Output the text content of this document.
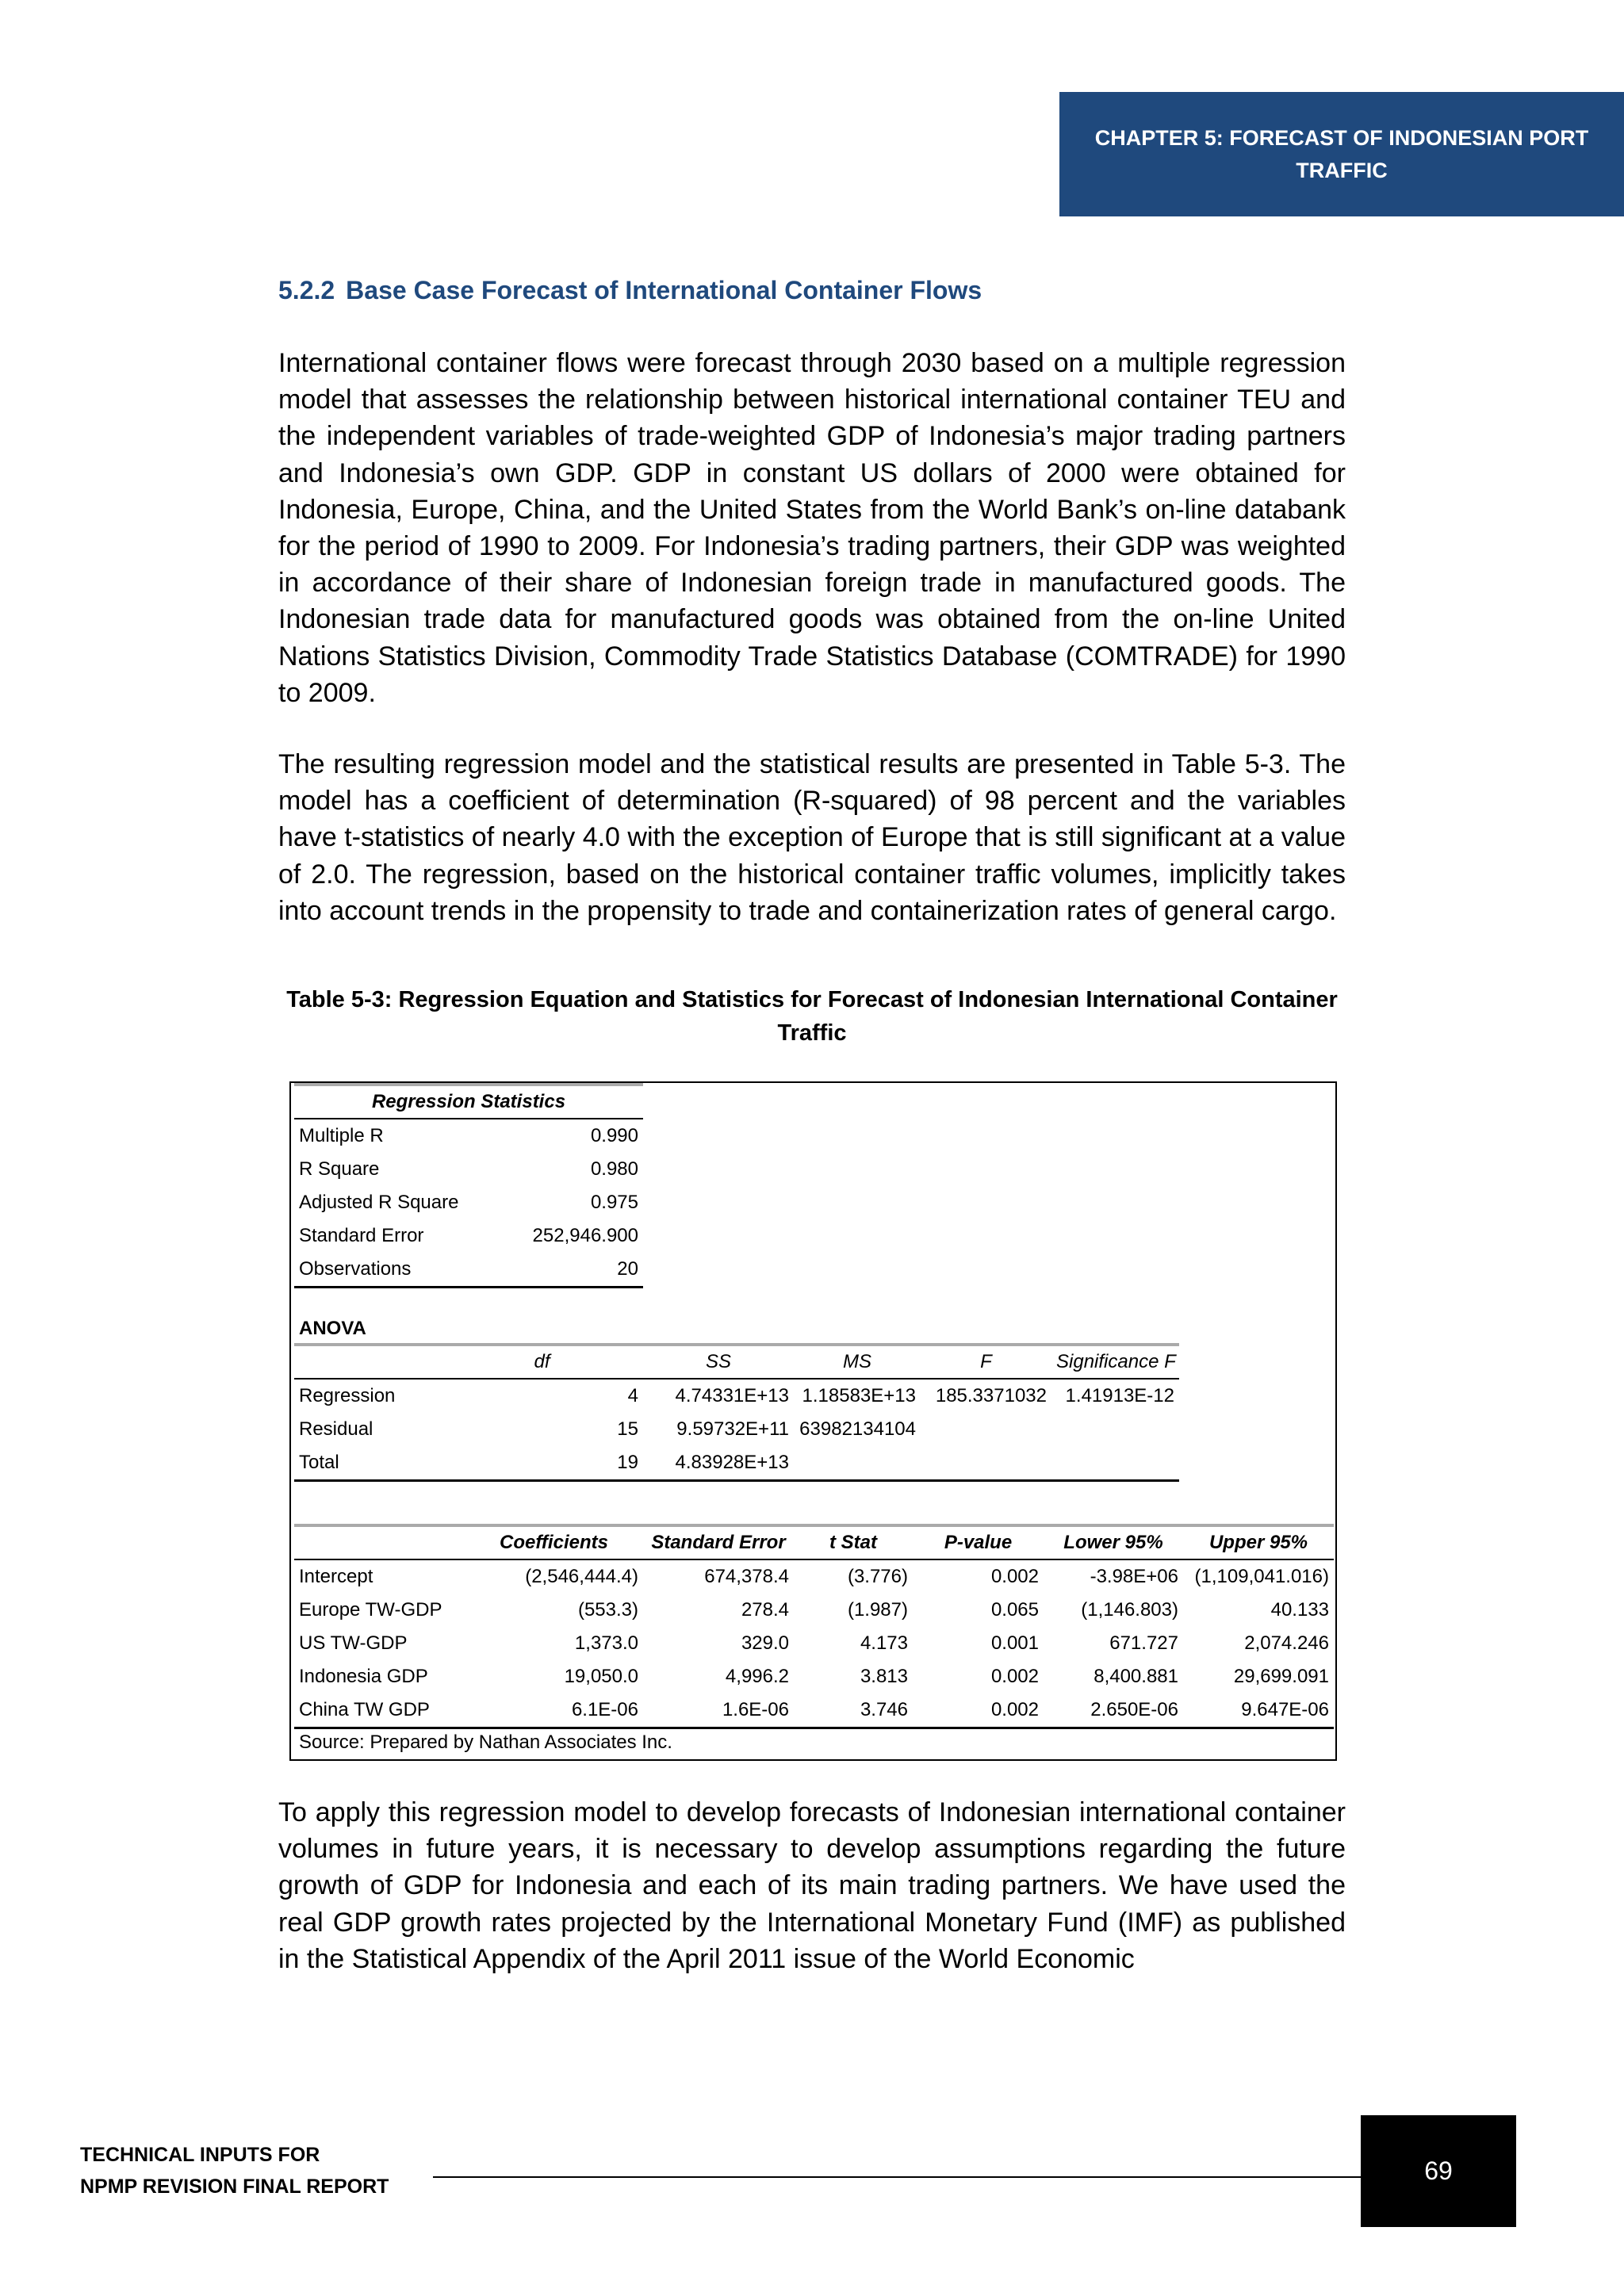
CHAPTER 5: FORECAST OF INDONESIAN PORT TRAFFIC
5.2.2 Base Case Forecast of International Container Flows

International container flows were forecast through 2030 based on a multiple regression model that assesses the relationship between historical international container TEU and the independent variables of trade-weighted GDP of Indonesia’s major trading partners and Indonesia’s own GDP. GDP in constant US dollars of 2000 were obtained for Indonesia, Europe, China, and the United States from the World Bank’s on-line databank for the period of 1990 to 2009. For Indonesia’s trading partners, their GDP was weighted in accordance of their share of Indonesian foreign trade in manufactured goods. The Indonesian trade data for manufactured goods was obtained from the on-line United Nations Statistics Division, Commodity Trade Statistics Database (COMTRADE) for 1990 to 2009.

The resulting regression model and the statistical results are presented in Table 5-3. The model has a coefficient of determination (R-squared) of 98 percent and the variables have t-statistics of nearly 4.0 with the exception of Europe that is still significant at a value of 2.0. The regression, based on the historical container traffic volumes, implicitly takes into account trends in the propensity to trade and containerization rates of general cargo.

Table 5-3: Regression Equation and Statistics for Forecast of Indonesian International Container Traffic
Regression Statistics	
Multiple R	0.990
R Square	0.980
Adjusted R Square	0.975
Standard Error	252,946.900
Observations	20
ANOVA
	df	SS	MS	F	Significance F
Regression	4	4.74331E+13	1.18583E+13	185.3371032	1.41913E-12
Residual	15	9.59732E+11	63982134104		
Total	19	4.83928E+13			
	Coefficients	Standard Error	t Stat	P-value	Lower 95%	Upper 95%
Intercept	(2,546,444.4)	674,378.4	(3.776)	0.002	-3.98E+06	(1,109,041.016)
Europe TW-GDP	(553.3)	278.4	(1.987)	0.065	(1,146.803)	40.133
US TW-GDP	1,373.0	329.0	4.173	0.001	671.727	2,074.246
Indonesia GDP	19,050.0	4,996.2	3.813	0.002	8,400.881	29,699.091
China TW GDP	6.1E-06	1.6E-06	3.746	0.002	2.650E-06	9.647E-06
Source: Prepared by Nathan Associates Inc.

To apply this regression model to develop forecasts of Indonesian international container volumes in future years, it is necessary to develop assumptions regarding the future growth of GDP for Indonesia and each of its main trading partners. We have used the real GDP growth rates projected by the International Monetary Fund (IMF) as published in the Statistical Appendix of the April 2011 issue of the World Economic

TECHNICAL INPUTS FOR
NPMP REVISION FINAL REPORT
69
